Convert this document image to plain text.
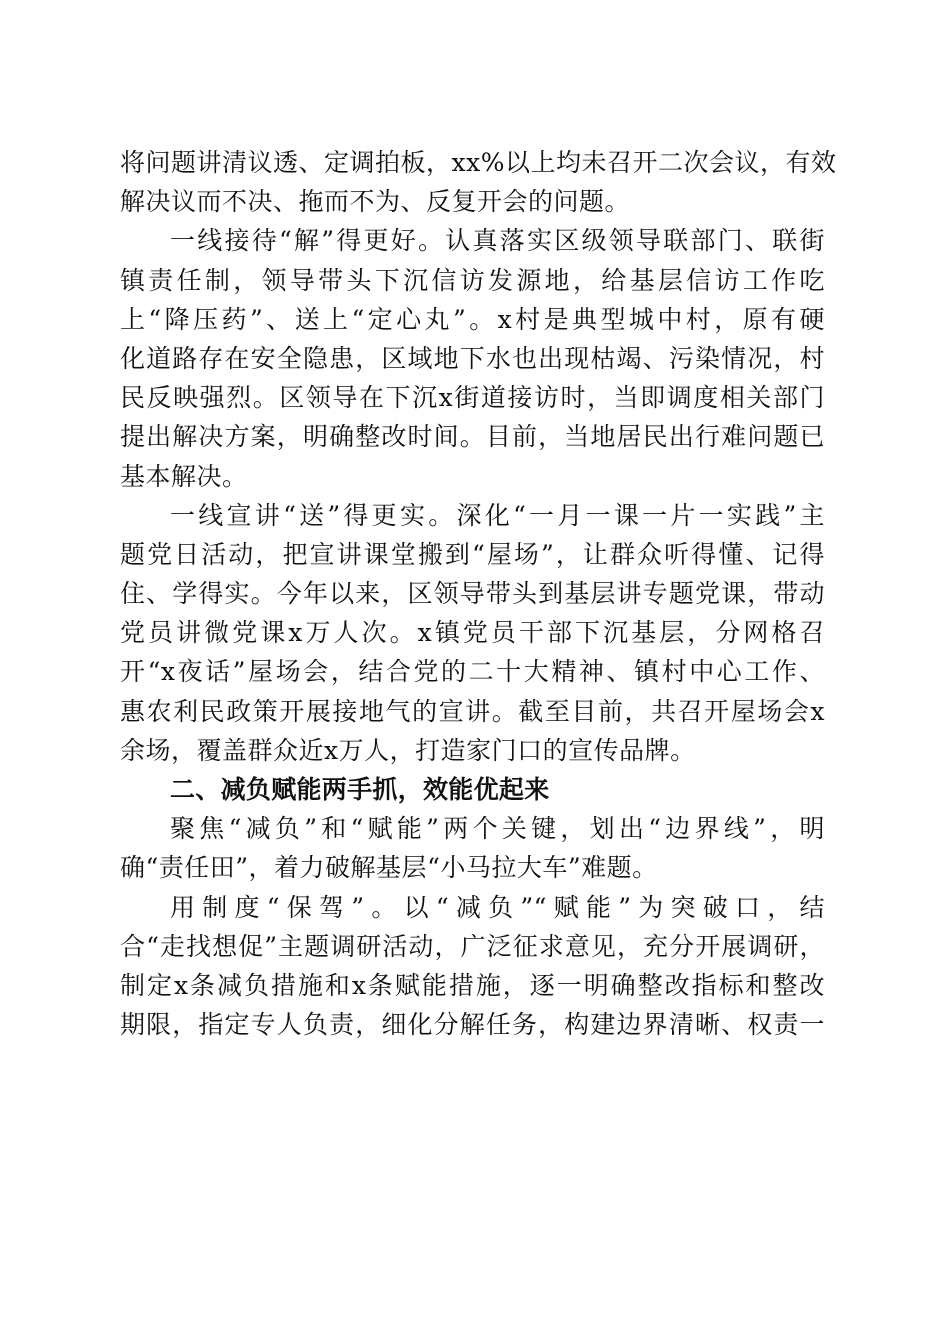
将问题讲清议透、定调拍板，xx%以上均未召开二次会议，有效
解决议而不决、拖而不为、反复开会的问题。
一线接待“解”得更好。认真落实区级领导联部门、联街
镇责任制，领导带头下沉信访发源地，给基层信访工作吃
上“降压药”、送上“定心丸”。x村是典型城中村，原有硬
化道路存在安全隐患，区域地下水也出现枯竭、污染情况，村
民反映强烈。区领导在下沉x街道接访时，当即调度相关部门
提出解决方案，明确整改时间。目前，当地居民出行难问题已
基本解决。
一线宣讲“送”得更实。深化“一月一课一片一实践”主
题党日活动，把宣讲课堂搬到“屋场”，让群众听得懂、记得
住、学得实。今年以来，区领导带头到基层讲专题党课，带动
党员讲微党课x万人次。x镇党员干部下沉基层，分网格召
开“x夜话”屋场会，结合党的二十大精神、镇村中心工作、
惠农利民政策开展接地气的宣讲。截至目前，共召开屋场会x
余场，覆盖群众近x万人，打造家门口的宣传品牌。
二、减负赋能两手抓，效能优起来
聚焦“减负”和“赋能”两个关键，划出“边界线”，明
确“责任田”，着力破解基层“小马拉大车”难题。
用制度“保驾”。以“减负”“赋能”为突破口，结
合“走找想促”主题调研活动，广泛征求意见，充分开展调研，
制定x条减负措施和x条赋能措施，逐一明确整改指标和整改
期限，指定专人负责，细化分解任务，构建边界清晰、权责一
